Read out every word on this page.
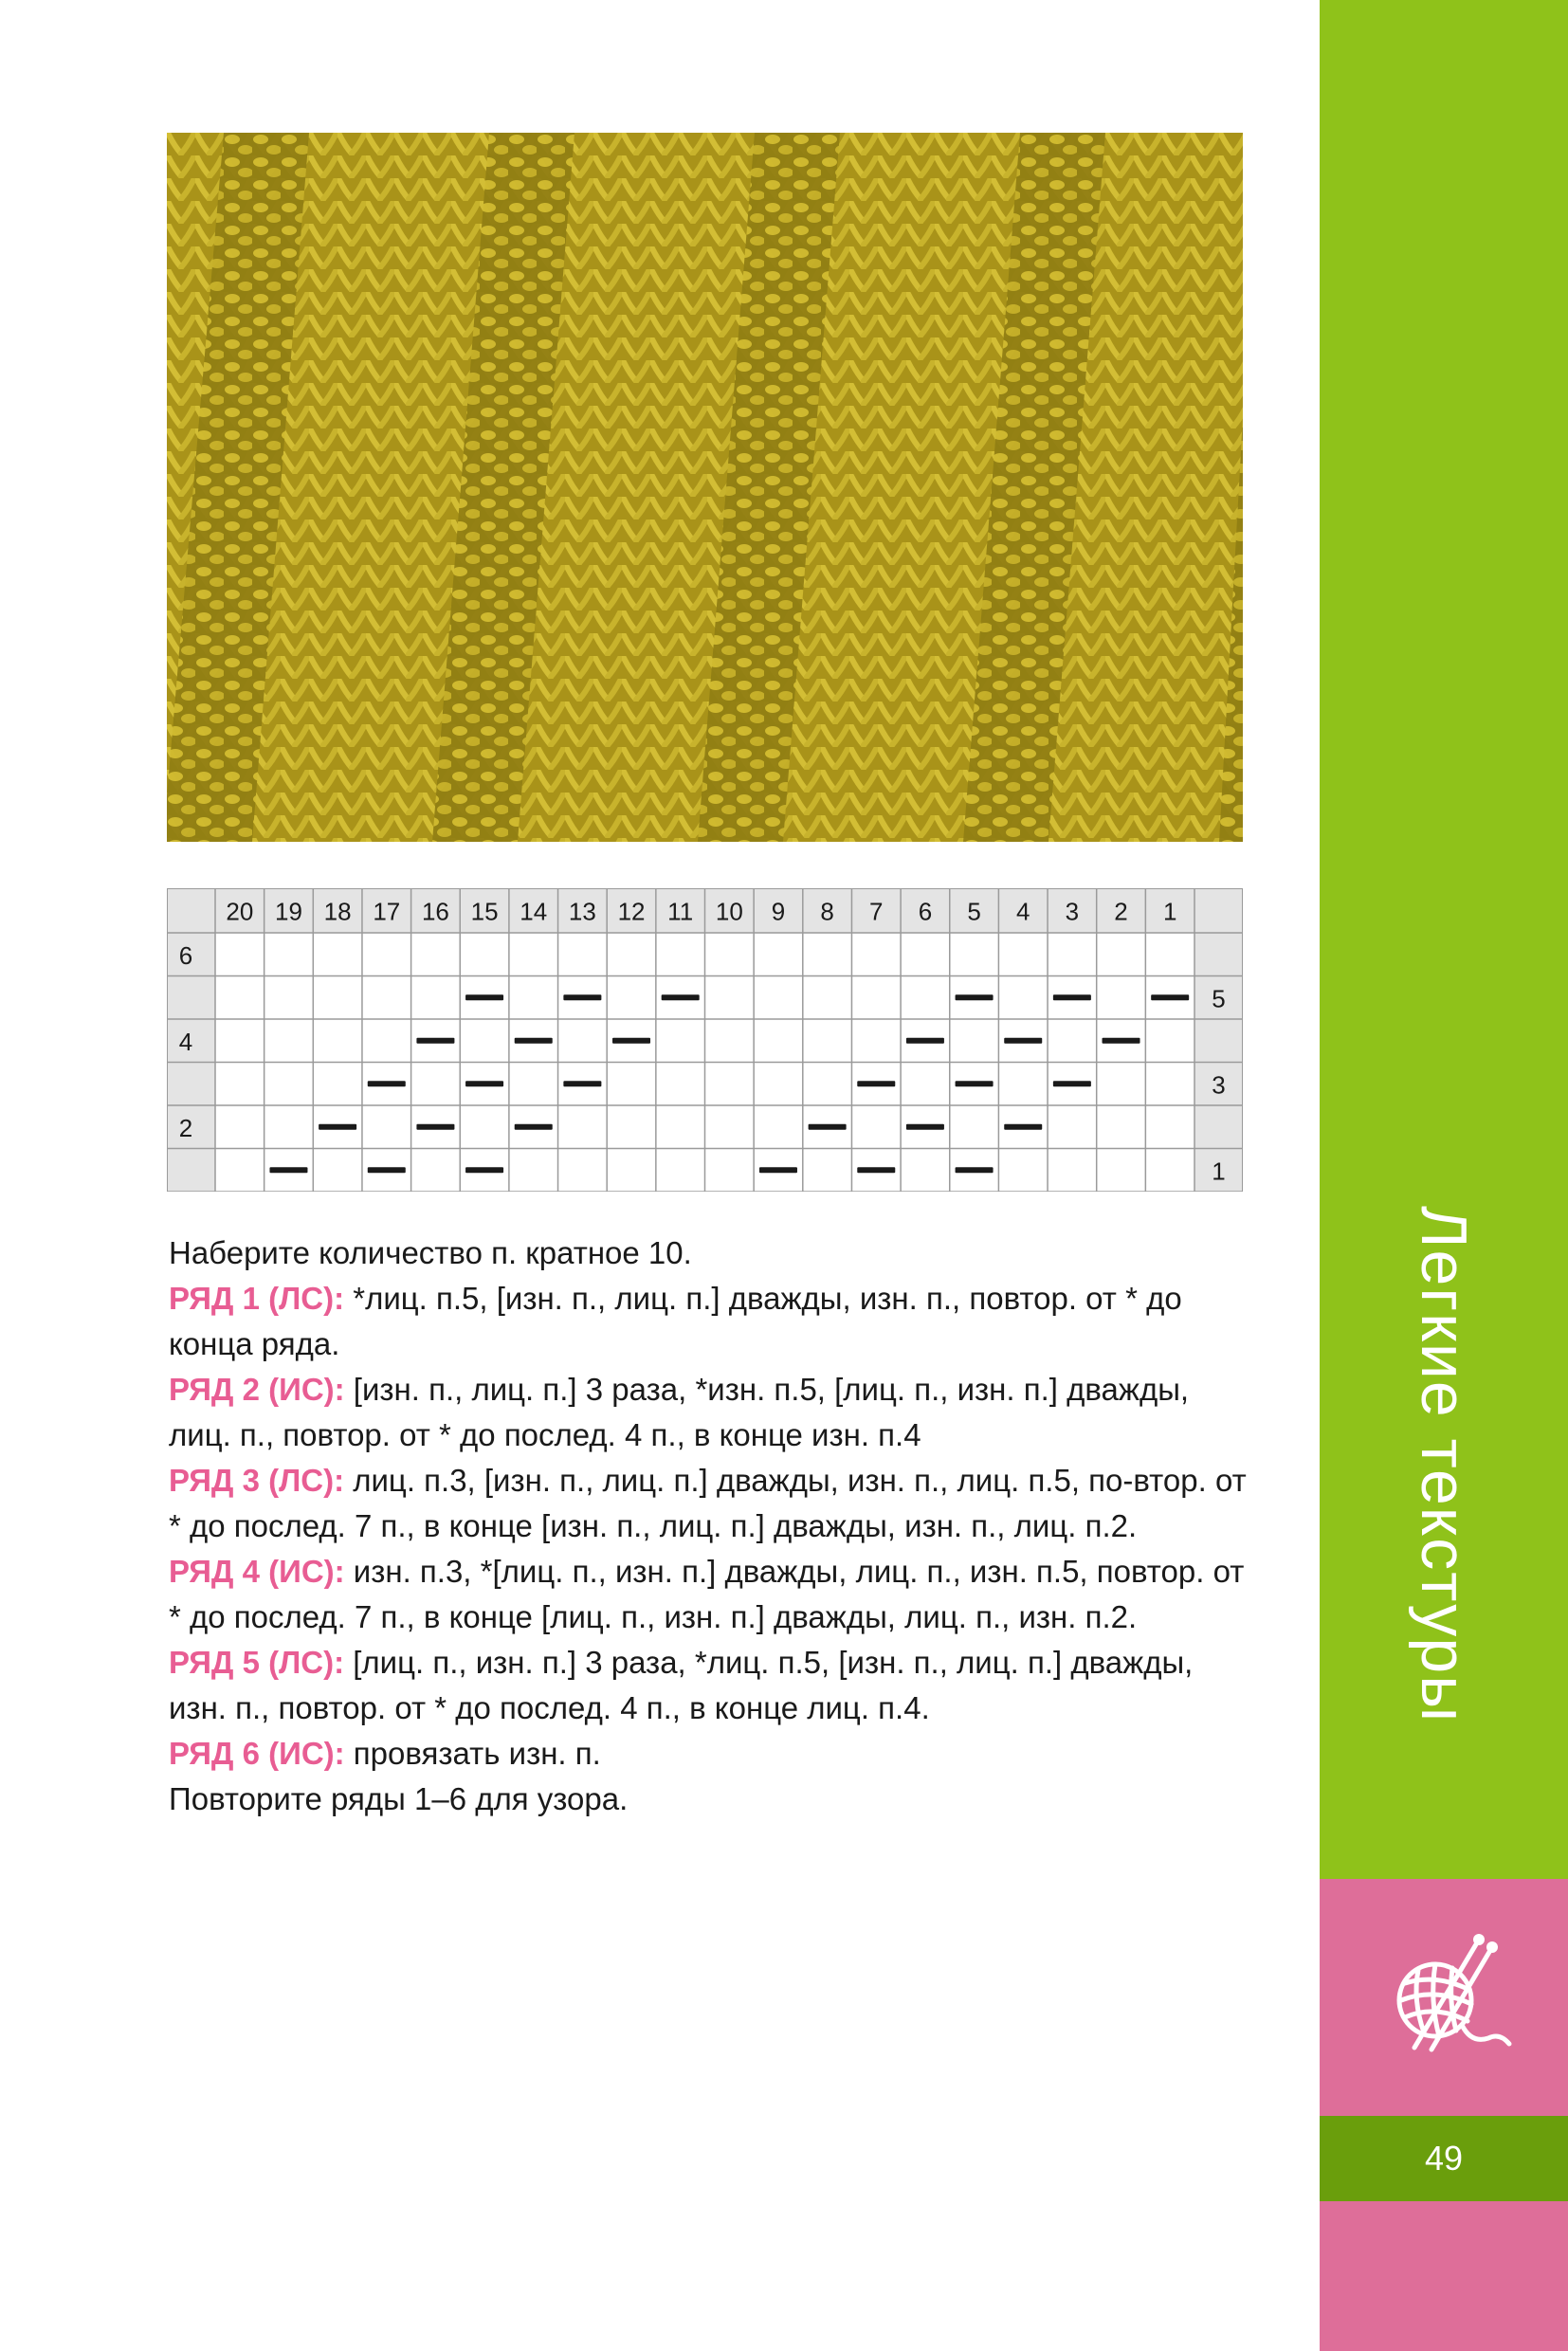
Легкие текстуры
49
20 19 18 17 16 15 14 13 12 11 10 9 8 7 6 5 4 3 2 1
6
5
4
3
2
1

Наберите количество п. кратное 10.

РЯД 1 (ЛС): *лиц. п.5, [изн. п., лиц. п.] дважды, изн. п., повтор. от * до конца ряда.

РЯД 2 (ИС): [изн. п., лиц. п.] 3 раза, *изн. п.5, [лиц. п., изн. п.] дважды, лиц. п., повтор. от * до послед. 4 п., в конце изн. п.4

РЯД 3 (ЛС): лиц. п.3, [изн. п., лиц. п.] дважды, изн. п., лиц. п.5, по-втор. от * до послед. 7 п., в конце [изн. п., лиц. п.] дважды, изн. п., лиц. п.2.

РЯД 4 (ИС): изн. п.3, *[лиц. п., изн. п.] дважды, лиц. п., изн. п.5, повтор. от * до послед. 7 п., в конце [лиц. п., изн. п.] дважды, лиц. п., изн. п.2.

РЯД 5 (ЛС): [лиц. п., изн. п.] 3 раза, *лиц. п.5, [изн. п., лиц. п.] дважды, изн. п., повтор. от * до послед. 4 п., в конце лиц. п.4.

РЯД 6 (ИС): провязать изн. п.

Повторите ряды 1–6 для узора.
